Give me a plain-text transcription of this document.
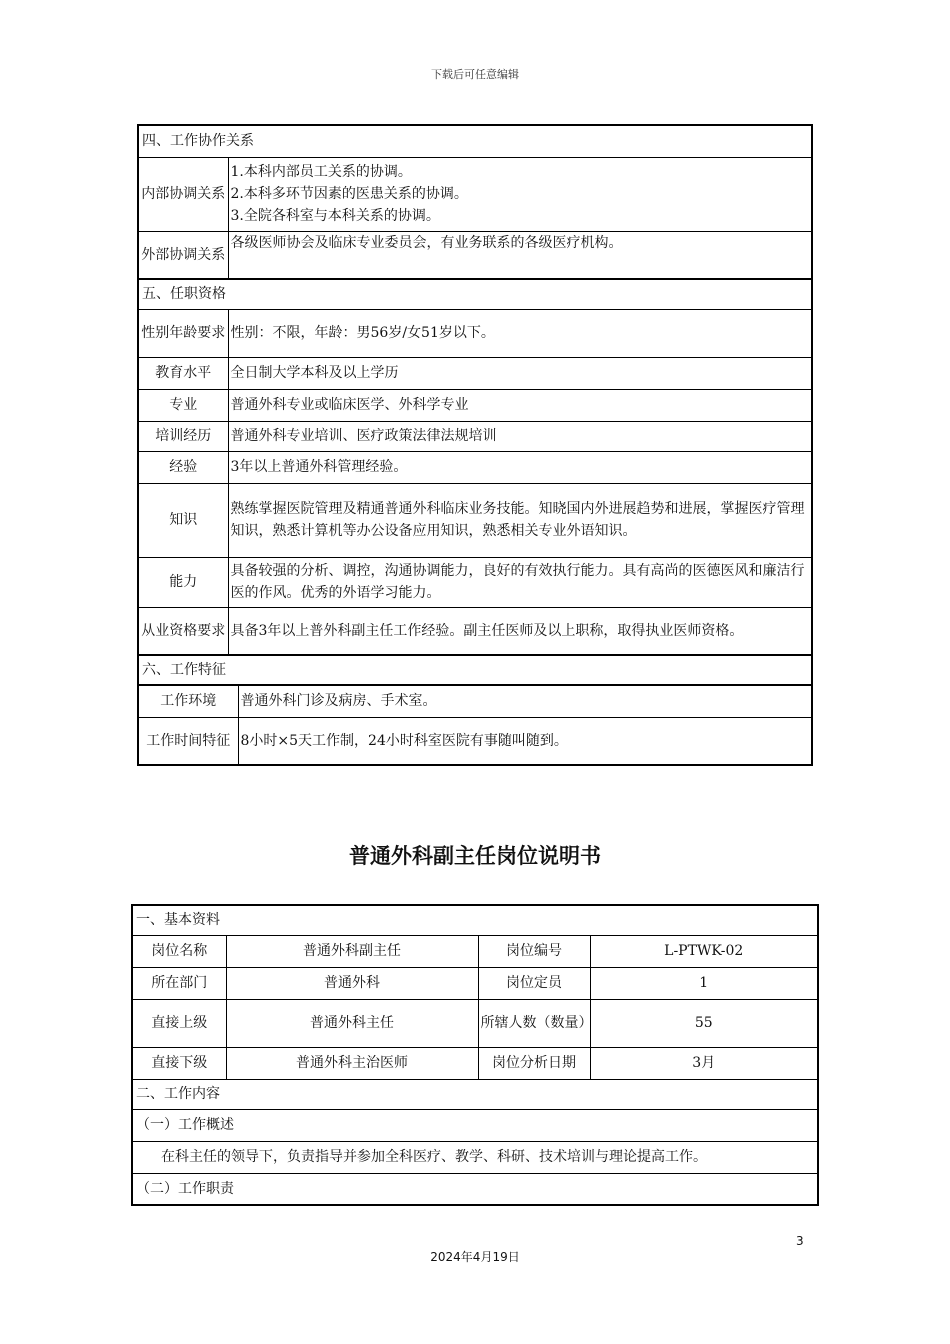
下载后可任意编辑
四、工作协作关系		
内部协调关系	1.本科内部员工关系的协调。
2.本科多环节因素的医患关系的协调。
3.全院各科室与本科关系的协调。	

外部协调关系	各级医师协会及临床专业委员会，有业务联系的各级医疗机构。	
五、任职资格		
性别年龄要求	性别：不限，年龄：男56岁/女51岁以下。	
教育水平	全日制大学本科及以上学历	
专业	普通外科专业或临床医学、外科学专业	
培训经历	普通外科专业培训、医疗政策法律法规培训	
经验	3年以上普通外科管理经验。	
知识	熟练掌握医院管理及精通普通外科临床业务技能。知晓国内外进展趋势和进展，掌握医疗管理知识，熟悉计算机等办公设备应用知识，熟悉相关专业外语知识。	
能力	具备较强的分析、调控，沟通协调能力，良好的有效执行能力。具有高尚的医德医风和廉洁行医的作风。优秀的外语学习能力。	
从业资格要求	具备3年以上普外科副主任工作经验。副主任医师及以上职称，取得执业医师资格。	
六、工作特征		
工作环境		普通外科门诊及病房、手术室。
工作时间特征		8小时×5天工作制，24小时科室医院有事随叫随到。
普通外科副主任岗位说明书
一、基本资料			
岗位名称	普通外科副主任	岗位编号	L-PTWK-02
所在部门	普通外科	岗位定员	1
直接上级	普通外科主任	所辖人数（数量）	55
直接下级	普通外科主治医师	岗位分析日期	3月
二、工作内容			
（一）工作概述			
在科主任的领导下，负责指导并参加全科医疗、教学、科研、技术培训与理论提高工作。			
（二）工作职责			
3
2024年4月19日
